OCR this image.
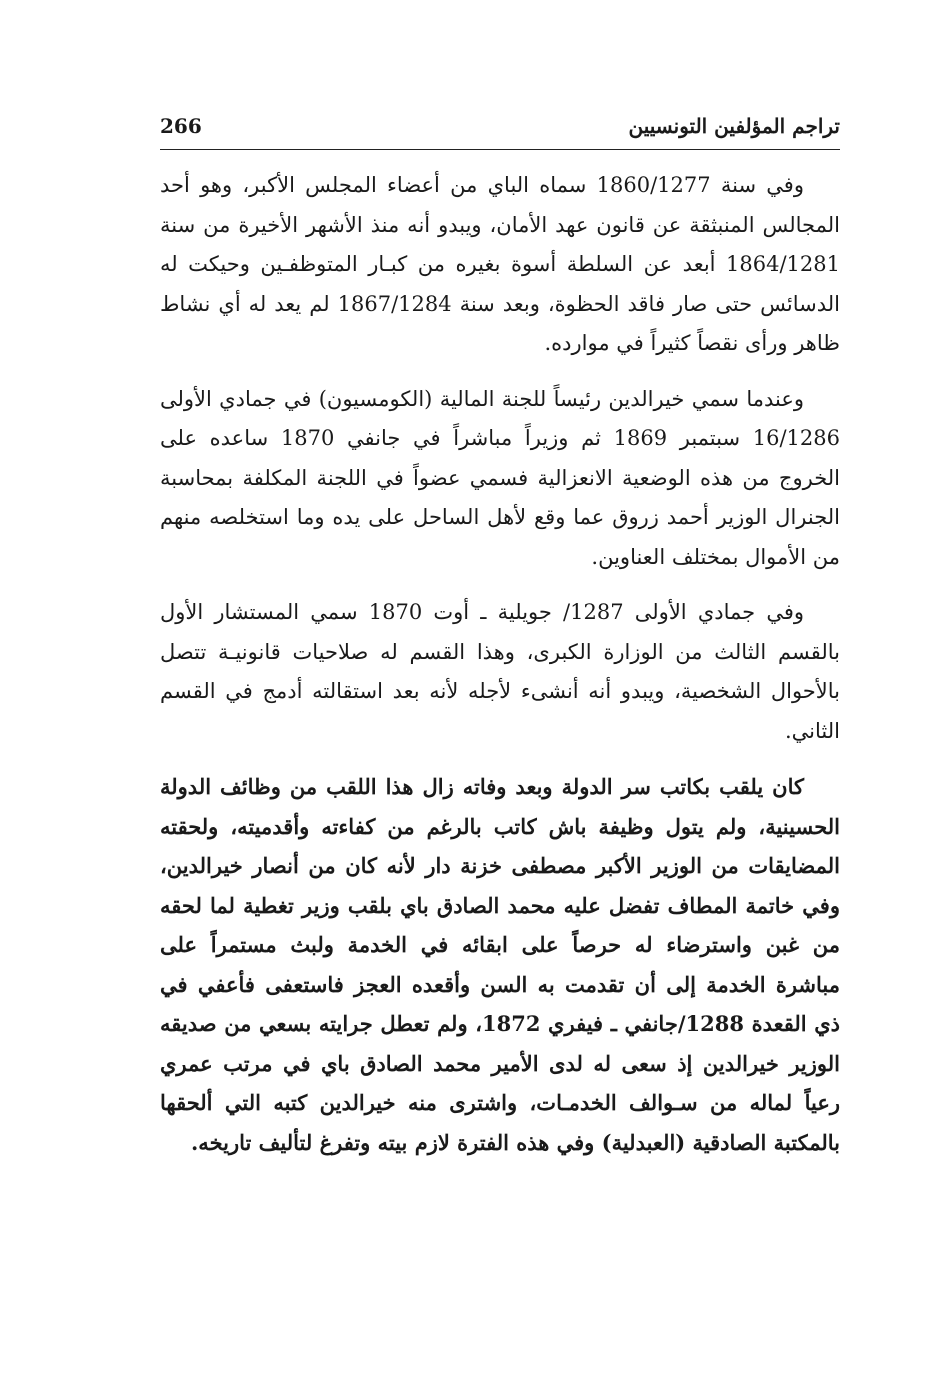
266	تراجم المؤلفين التونسيين

وفي سنة 1860/1277 سماه الباي من أعضاء المجلس الأكبر، وهو أحد المجالس المنبثقة عن قانون عهد الأمان، ويبدو أنه منذ الأشهر الأخيرة من سنة 1864/1281 أبعد عن السلطة أسوة بغيره من كبـار المتوظفـين وحيكت له الدسائس حتى صار فاقد الحظوة، وبعد سنة 1867/1284 لم يعد له أي نشاط ظاهر ورأى نقصاً كثيراً في موارده.

وعندما سمي خيرالدين رئيساً للجنة المالية (الكومسيون) في جمادي الأولى 16/1286 سبتمبر 1869 ثم وزيراً مباشراً في جانفي 1870 ساعده على الخروج من هذه الوضعية الانعزالية فسمي عضواً في اللجنة المكلفة بمحاسبة الجنرال الوزير أحمد زروق عما وقع لأهل الساحل على يده وما استخلصه منهم من الأموال بمختلف العناوين.

وفي جمادي الأولى 1287/ جويلية ـ أوت 1870 سمي المستشار الأول بالقسم الثالث من الوزارة الكبرى، وهذا القسم له صلاحيات قانونيـة تتصل بالأحوال الشخصية، ويبدو أنه أنشىء لأجله لأنه بعد استقالته أدمج في القسم الثاني.

كان يلقب بكاتب سر الدولة وبعد وفاته زال هذا اللقب من وظائف الدولة الحسينية، ولم يتول وظيفة باش كاتب بالرغم من كفاءته وأقدميته، ولحقته المضايقات من الوزير الأكبر مصطفى خزنة دار لأنه كان من أنصار خيرالدين، وفي خاتمة المطاف تفضل عليه محمد الصادق باي بلقب وزير تغطية لما لحقه من غبن واسترضاء له حرصاً على ابقائه في الخدمة ولبث مستمراً على مباشرة الخدمة إلى أن تقدمت به السن وأقعده العجز فاستعفى فأعفي في ذي القعدة 1288/جانفي ـ فيفري 1872، ولم تعطل جرايته بسعي من صديقه الوزير خيرالدين إذ سعى له لدى الأمير محمد الصادق باي في مرتب عمري رعياً لماله من سـوالف الخدمـات، واشترى منه خيرالدين كتبه التي ألحقها بالمكتبة الصادقية (العبدلية) وفي هذه الفترة لازم بيته وتفرغ لتأليف تاريخه.
